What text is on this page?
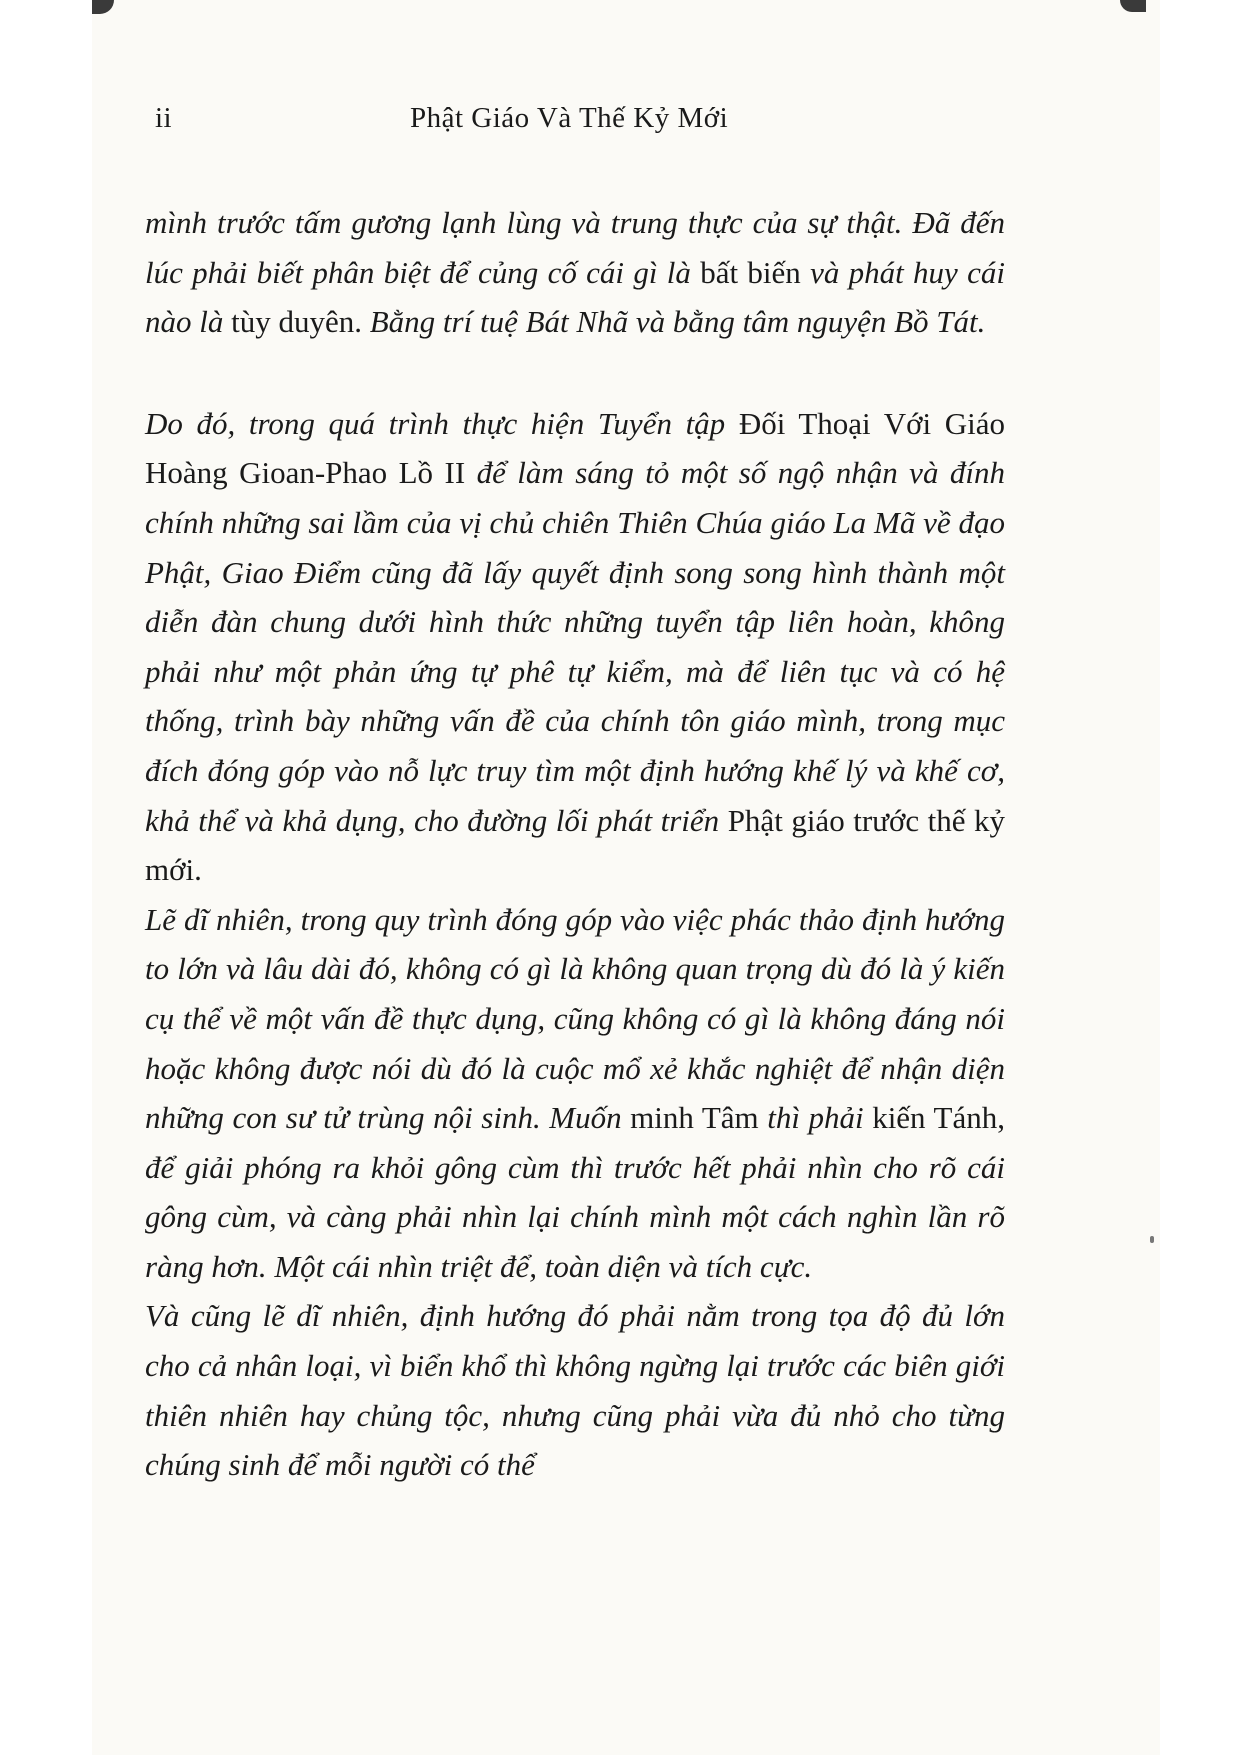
ii	Phật Giáo Và Thế Kỷ Mới

mình trước tấm gương lạnh lùng và trung thực của sự thật. Đã đến lúc phải biết phân biệt để củng cố cái gì là bất biến và phát huy cái nào là tùy duyên. Bằng trí tuệ Bát Nhã và bằng tâm nguyện Bồ Tát.

Do đó, trong quá trình thực hiện Tuyển tập Đối Thoại Với Giáo Hoàng Gioan-Phao Lồ II để làm sáng tỏ một số ngộ nhận và đính chính những sai lầm của vị chủ chiên Thiên Chúa giáo La Mã về đạo Phật, Giao Điểm cũng đã lấy quyết định song song hình thành một diễn đàn chung dưới hình thức những tuyển tập liên hoàn, không phải như một phản ứng tự phê tự kiểm, mà để liên tục và có hệ thống, trình bày những vấn đề của chính tôn giáo mình, trong mục đích đóng góp vào nỗ lực truy tìm một định hướng khế lý và khế cơ, khả thể và khả dụng, cho đường lối phát triển Phật giáo trước thế kỷ mới.

Lẽ dĩ nhiên, trong quy trình đóng góp vào việc phác thảo định hướng to lớn và lâu dài đó, không có gì là không quan trọng dù đó là ý kiến cụ thể về một vấn đề thực dụng, cũng không có gì là không đáng nói hoặc không được nói dù đó là cuộc mổ xẻ khắc nghiệt để nhận diện những con sư tử trùng nội sinh. Muốn minh Tâm thì phải kiến Tánh, để giải phóng ra khỏi gông cùm thì trước hết phải nhìn cho rõ cái gông cùm, và càng phải nhìn lại chính mình một cách nghìn lần rõ ràng hơn. Một cái nhìn triệt để, toàn diện và tích cực.

Và cũng lẽ dĩ nhiên, định hướng đó phải nằm trong tọa độ đủ lớn cho cả nhân loại, vì biển khổ thì không ngừng lại trước các biên giới thiên nhiên hay chủng tộc, nhưng cũng phải vừa đủ nhỏ cho từng chúng sinh để mỗi người có thể
